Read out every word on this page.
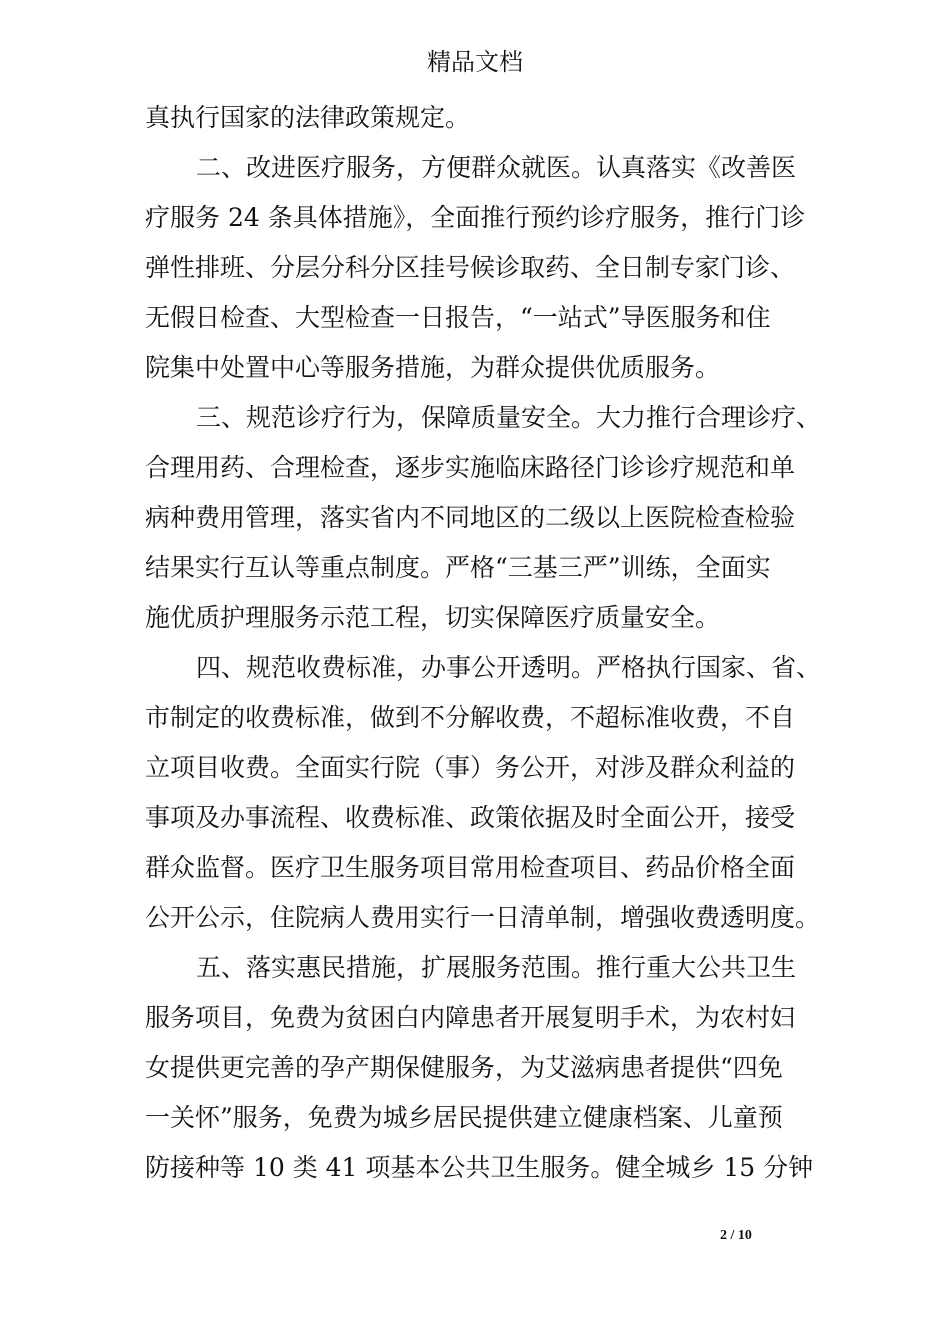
精品文档
真执行国家的法律政策规定。
二、改进医疗服务，方便群众就医。认真落实《改善医
疗服务 24 条具体措施》，全面推行预约诊疗服务，推行门诊
弹性排班、分层分科分区挂号候诊取药、全日制专家门诊、
无假日检查、大型检查一日报告，“一站式”导医服务和住
院集中处置中心等服务措施，为群众提供优质服务。
三、规范诊疗行为，保障质量安全。大力推行合理诊疗、
合理用药、合理检查，逐步实施临床路径门诊诊疗规范和单
病种费用管理，落实省内不同地区的二级以上医院检查检验
结果实行互认等重点制度。严格“三基三严”训练，全面实
施优质护理服务示范工程，切实保障医疗质量安全。
四、规范收费标准，办事公开透明。严格执行国家、省、
市制定的收费标准，做到不分解收费，不超标准收费，不自
立项目收费。全面实行院（事）务公开，对涉及群众利益的
事项及办事流程、收费标准、政策依据及时全面公开，接受
群众监督。医疗卫生服务项目常用检查项目、药品价格全面
公开公示，住院病人费用实行一日清单制，增强收费透明度。
五、落实惠民措施，扩展服务范围。推行重大公共卫生
服务项目，免费为贫困白内障患者开展复明手术，为农村妇
女提供更完善的孕产期保健服务，为艾滋病患者提供“四免
一关怀”服务，免费为城乡居民提供建立健康档案、儿童预
防接种等 10 类 41 项基本公共卫生服务。健全城乡 15 分钟
2 / 10
